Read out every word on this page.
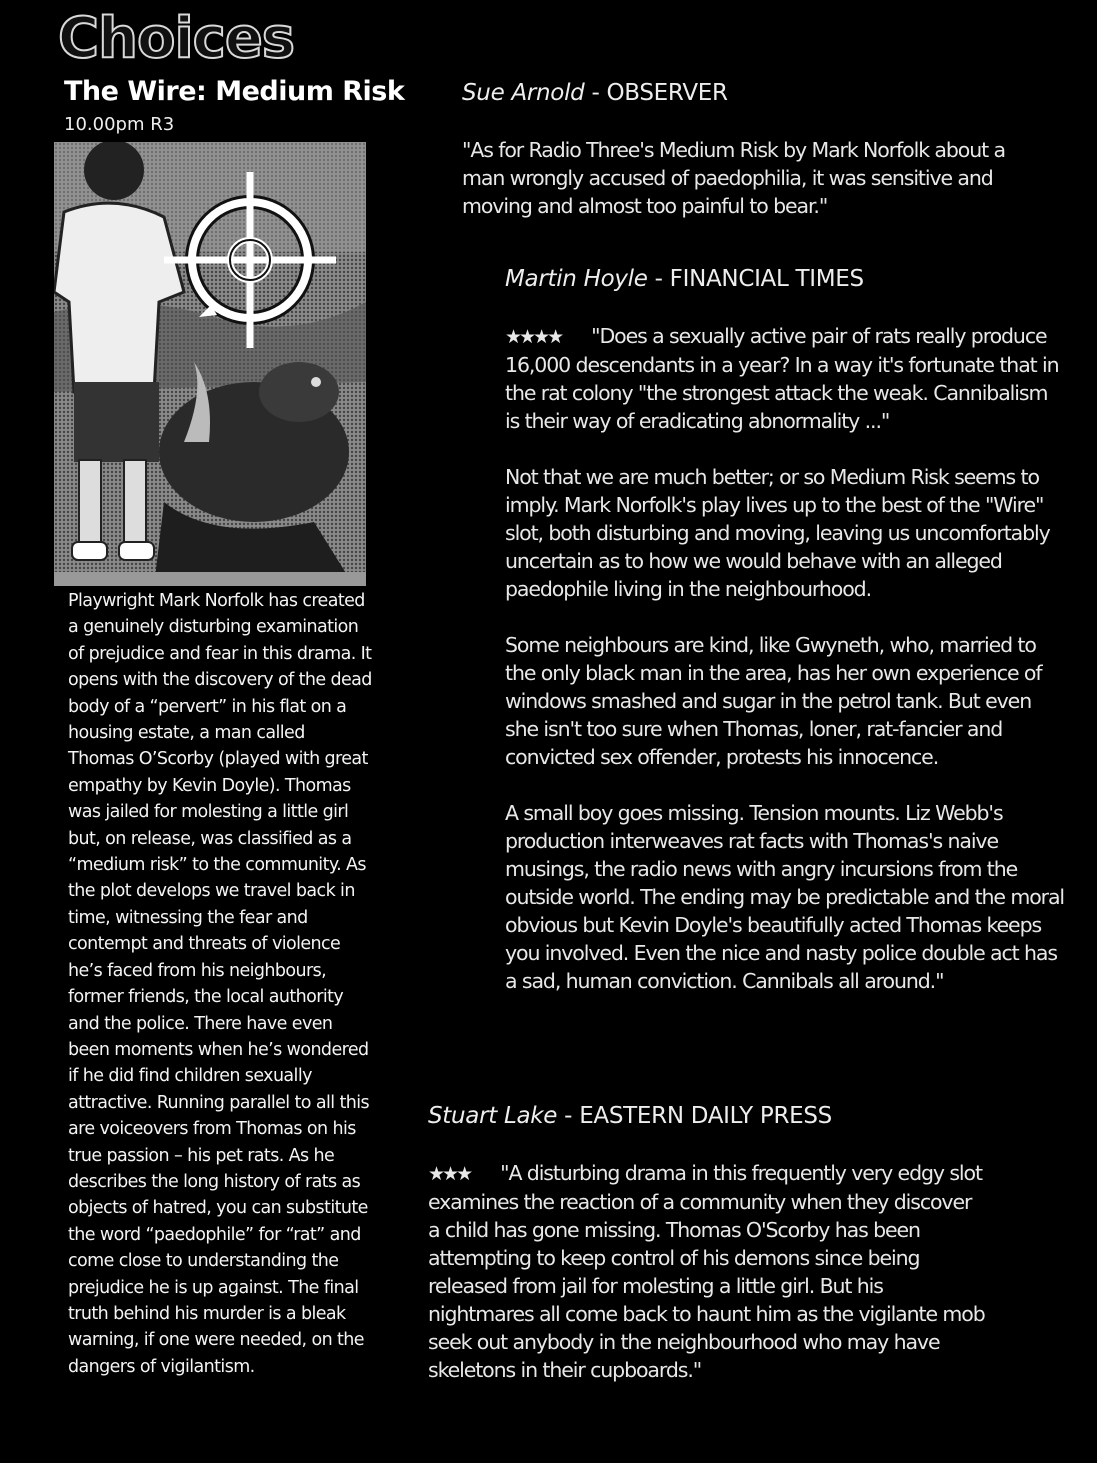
Choices
The Wire: Medium Risk
10.00pm R3

Playwright Mark Norfolk has created a genuinely disturbing examination of prejudice and fear in this drama. It opens with the discovery of the dead body of a “pervert” in his flat on a housing estate, a man called Thomas O’Scorby (played with great empathy by Kevin Doyle). Thomas was jailed for molesting a little girl but, on release, was classified as a “medium risk” to the community. As the plot develops we travel back in time, witnessing the fear and contempt and threats of violence he’s faced from his neighbours, former friends, the local authority and the police. There have even been moments when he’s wondered if he did find children sexually attractive. Running parallel to all this are voiceovers from Thomas on his true passion – his pet rats. As he describes the long history of rats as objects of hatred, you can substitute the word “paedophile” for “rat” and come close to understanding the prejudice he is up against. The final truth behind his murder is a bleak warning, if one were needed, on the dangers of vigilantism.

Sue Arnold - OBSERVER

"As for Radio Three's Medium Risk by Mark Norfolk about a man wrongly accused of paedophilia, it was sensitive and moving and almost too painful to bear."

Martin Hoyle - FINANCIAL TIMES

★★★★ "Does a sexually active pair of rats really produce 16,000 descendants in a year? In a way it's fortunate that in the rat colony "the strongest attack the weak. Cannibalism is their way of eradicating abnormality ..."

Not that we are much better; or so Medium Risk seems to imply. Mark Norfolk's play lives up to the best of the "Wire" slot, both disturbing and moving, leaving us uncomfortably uncertain as to how we would behave with an alleged paedophile living in the neighbourhood.

Some neighbours are kind, like Gwyneth, who, married to the only black man in the area, has her own experience of windows smashed and sugar in the petrol tank. But even she isn't too sure when Thomas, loner, rat-fancier and convicted sex offender, protests his innocence.

A small boy goes missing. Tension mounts. Liz Webb's production interweaves rat facts with Thomas's naive musings, the radio news with angry incursions from the outside world. The ending may be predictable and the moral obvious but Kevin Doyle's beautifully acted Thomas keeps you involved. Even the nice and nasty police double act has a sad, human conviction. Cannibals all around."

Stuart Lake - EASTERN DAILY PRESS

★★★ "A disturbing drama in this frequently very edgy slot examines the reaction of a community when they discover a child has gone missing. Thomas O'Scorby has been attempting to keep control of his demons since being released from jail for molesting a little girl. But his nightmares all come back to haunt him as the vigilante mob seek out anybody in the neighbourhood who may have skeletons in their cupboards."
